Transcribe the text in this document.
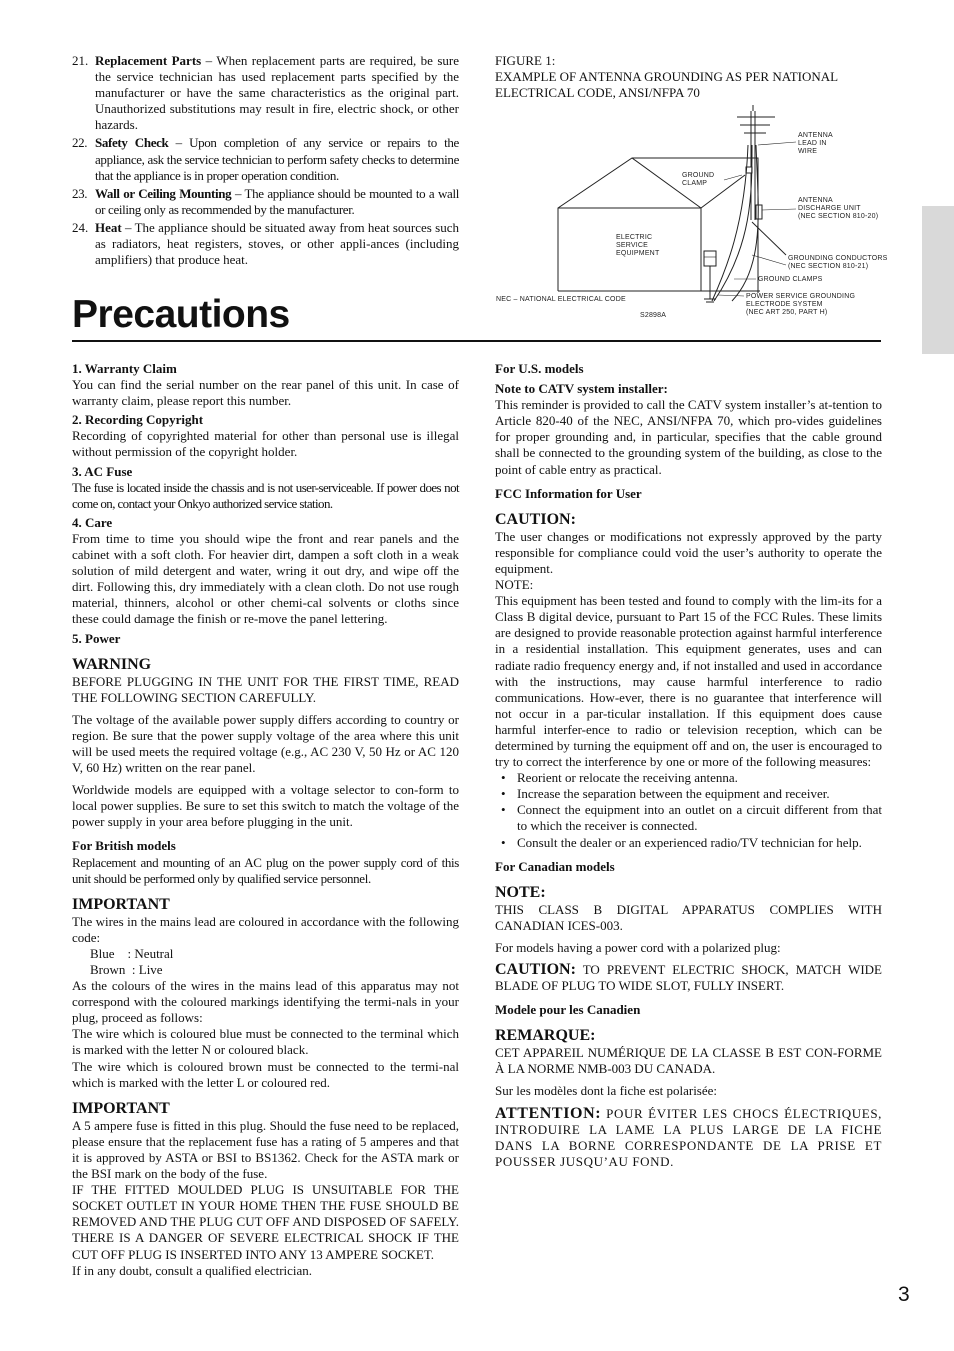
21. Replacement Parts – When replacement parts are required, be sure the service technician has used replacement parts specified by the manufacturer or have the same characteristics as the original part. Unauthorized substitutions may result in fire, electric shock, or other hazards.
22. Safety Check – Upon completion of any service or repairs to the appliance, ask the service technician to perform safety checks to determine that the appliance is in proper operation condition.
23. Wall or Ceiling Mounting – The appliance should be mounted to a wall or ceiling only as recommended by the manufacturer.
24. Heat – The appliance should be situated away from heat sources such as radiators, heat registers, stoves, or other appli-ances (including amplifiers) that produce heat.
FIGURE 1:
EXAMPLE OF ANTENNA GROUNDING AS PER NATIONAL ELECTRICAL CODE, ANSI/NFPA 70
ANTENNA
LEAD IN
WIRE
GROUND
CLAMP
ANTENNA
DISCHARGE UNIT
(NEC SECTION 810-20)
ELECTRIC
SERVICE
EQUIPMENT
GROUNDING CONDUCTORS
(NEC SECTION 810-21)
GROUND CLAMPS
POWER SERVICE GROUNDING
ELECTRODE SYSTEM
(NEC ART 250, PART H)
NEC – NATIONAL ELECTRICAL CODE
S2898A
Precautions

1. Warranty Claim

You can find the serial number on the rear panel of this unit. In case of warranty claim, please report this number.

2. Recording Copyright

Recording of copyrighted material for other than personal use is illegal without permission of the copyright holder.

3. AC Fuse

The fuse is located inside the chassis and is not user-serviceable. If power does not come on, contact your Onkyo authorized service station.

4. Care

From time to time you should wipe the front and rear panels and the cabinet with a soft cloth. For heavier dirt, dampen a soft cloth in a weak solution of mild detergent and water, wring it out dry, and wipe off the dirt. Following this, dry immediately with a clean cloth. Do not use rough material, thinners, alcohol or other chemi-cal solvents or cloths since these could damage the finish or re-move the panel lettering.

5. Power

WARNING

BEFORE PLUGGING IN THE UNIT FOR THE FIRST TIME, READ THE FOLLOWING SECTION CAREFULLY.

The voltage of the available power supply differs according to country or region. Be sure that the power supply voltage of the area where this unit will be used meets the required voltage (e.g., AC 230 V, 50 Hz or AC 120 V, 60 Hz) written on the rear panel.

Worldwide models are equipped with a voltage selector to con-form to local power supplies. Be sure to set this switch to match the voltage of the power supply in your area before plugging in the unit.

For British models

Replacement and mounting of an AC plug on the power supply cord of this unit should be performed only by qualified service personnel.

IMPORTANT

The wires in the mains lead are coloured in accordance with the following code:

Blue    : Neutral

Brown  : Live

As the colours of the wires in the mains lead of this apparatus may not correspond with the coloured markings identifying the termi-nals in your plug, proceed as follows:

The wire which is coloured blue must be connected to the terminal which is marked with the letter N or coloured black.

The wire which is coloured brown must be connected to the termi-nal which is marked with the letter L or coloured red.

IMPORTANT

A 5 ampere fuse is fitted in this plug. Should the fuse need to be replaced, please ensure that the replacement fuse has a rating of 5 amperes and that it is approved by ASTA or BSI to BS1362. Check for the ASTA mark or the BSI mark on the body of the fuse.

IF THE FITTED MOULDED PLUG IS UNSUITABLE FOR THE SOCKET OUTLET IN YOUR HOME THEN THE FUSE SHOULD BE REMOVED AND THE PLUG CUT OFF AND DISPOSED OF SAFELY. THERE IS A DANGER OF SEVERE ELECTRICAL SHOCK IF THE CUT OFF PLUG IS INSERTED INTO ANY 13 AMPERE SOCKET.

If in any doubt, consult a qualified electrician.

For U.S. models

Note to CATV system installer:

This reminder is provided to call the CATV system installer’s at-tention to Article 820-40 of the NEC, ANSI/NFPA 70, which pro-vides guidelines for proper grounding and, in particular, specifies that the cable ground shall be connected to the grounding system of the building, as close to the point of cable entry as practical.

FCC Information for User

CAUTION:

The user changes or modifications not expressly approved by the party responsible for compliance could void the user’s authority to operate the equipment.

NOTE:

This equipment has been tested and found to comply with the lim-its for a Class B digital device, pursuant to Part 15 of the FCC Rules. These limits are designed to provide reasonable protection against harmful interference in a residential installation. This equipment generates, uses and can radiate radio frequency energy and, if not installed and used in accordance with the instructions, may cause harmful interference to radio communications. How-ever, there is no guarantee that interference will not occur in a par-ticular installation. If this equipment does cause harmful interfer-ence to radio or television reception, which can be determined by turning the equipment off and on, the user is encouraged to try to correct the interference by one or more of the following measures:

• Reorient or relocate the receiving antenna.
• Increase the separation between the equipment and receiver.
• Connect the equipment into an outlet on a circuit different from that to which the receiver is connected.
• Consult the dealer or an experienced radio/TV technician for help.

For Canadian models

NOTE:

THIS CLASS B DIGITAL APPARATUS COMPLIES WITH CANADIAN ICES-003.

For models having a power cord with a polarized plug:

CAUTION: TO PREVENT ELECTRIC SHOCK, MATCH WIDE BLADE OF PLUG TO WIDE SLOT, FULLY INSERT.

Modele pour les Canadien

REMARQUE:

CET APPAREIL NUMÉRIQUE DE LA CLASSE B EST CON-FORME À LA NORME NMB-003 DU CANADA.

Sur les modèles dont la fiche est polarisée:

ATTENTION: POUR ÉVITER LES CHOCS ÉLECTRIQUES, INTRODUIRE LA LAME LA PLUS LARGE DE LA FICHE DANS LA BORNE CORRESPONDANTE DE LA PRISE ET POUSSER JUSQU’AU FOND.

3
